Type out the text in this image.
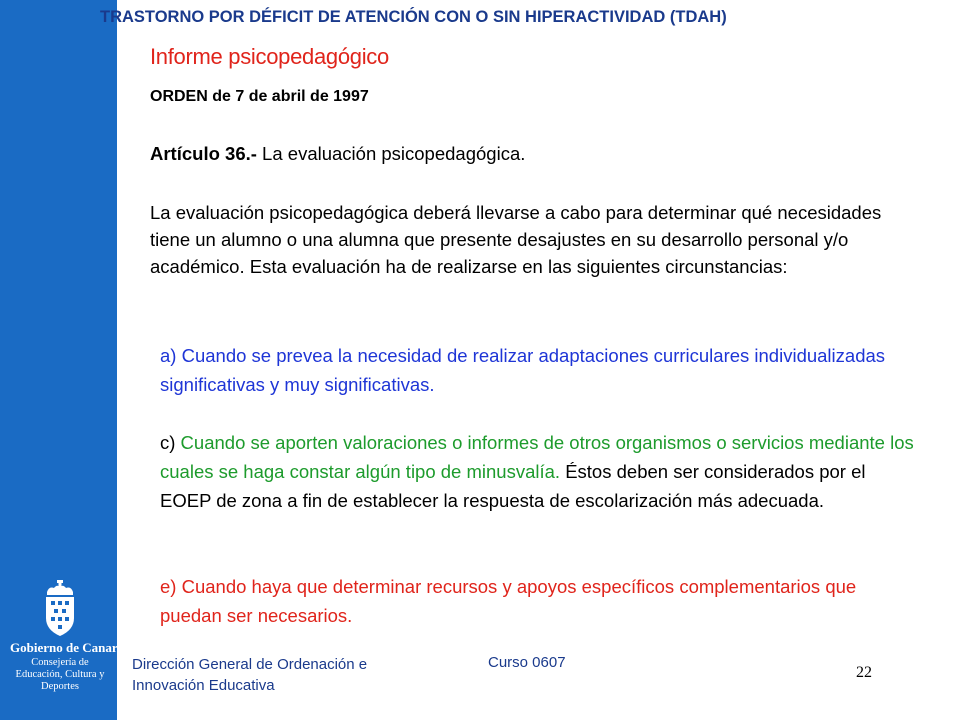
Gobierno de Canarias
Consejería de Educación, Cultura y Deportes
TRASTORNO POR DÉFICIT DE ATENCIÓN CON O SIN HIPERACTIVIDAD (TDAH)
Informe psicopedagógico
ORDEN de 7 de abril de 1997
Artículo 36.- La evaluación psicopedagógica.

La evaluación psicopedagógica deberá llevarse a cabo para determinar qué necesidades tiene un alumno o una alumna que presente desajustes en su desarrollo personal y/o académico. Esta evaluación ha de realizarse en las siguientes circunstancias:

a) Cuando se prevea la necesidad de realizar adaptaciones curriculares individualizadas significativas y muy significativas.

c) Cuando se aporten valoraciones o informes de otros organismos o servicios mediante los cuales se haga constar algún tipo de minusvalía. Éstos deben ser considerados por el EOEP de zona a fin de establecer la respuesta de escolarización más adecuada.

e) Cuando haya que determinar recursos y apoyos específicos complementarios que puedan ser necesarios.

Dirección General de Ordenación e Innovación Educativa
Curso 0607
22
